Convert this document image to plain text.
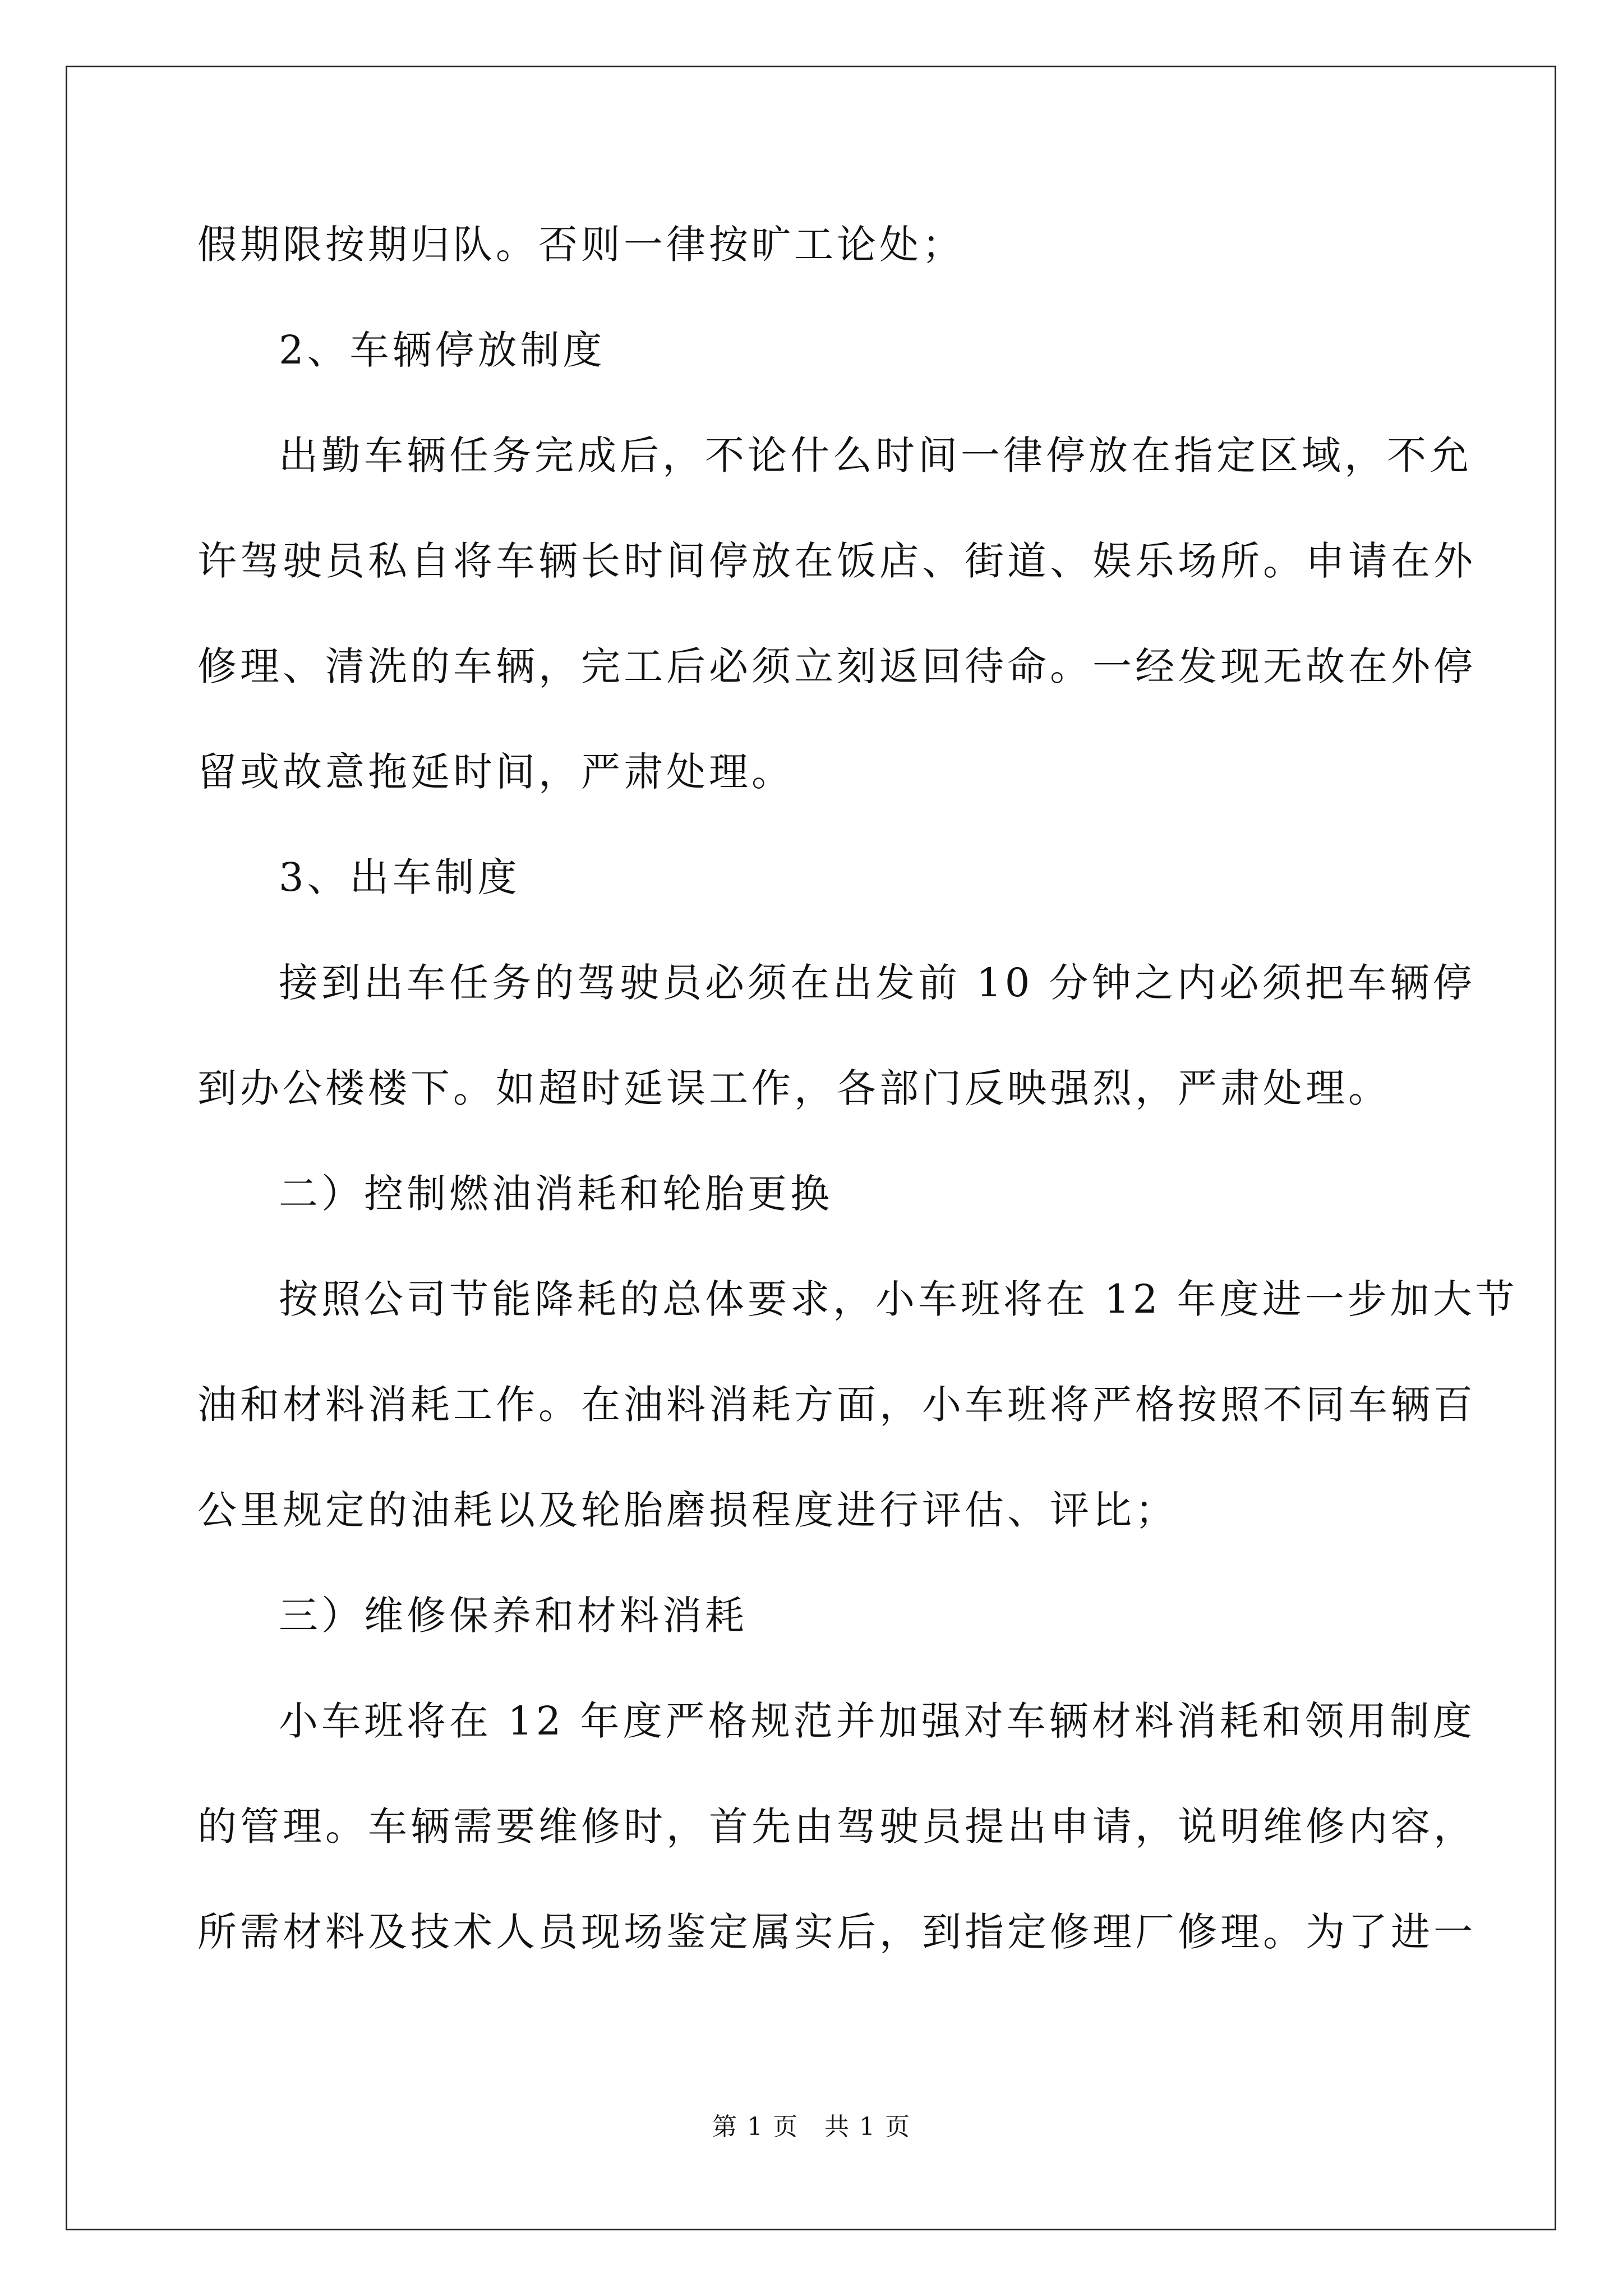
假期限按期归队。否则一律按旷工论处；

2、车辆停放制度

出勤车辆任务完成后，不论什么时间一律停放在指定区域，不允

许驾驶员私自将车辆长时间停放在饭店、街道、娱乐场所。申请在外

修理、清洗的车辆，完工后必须立刻返回待命。一经发现无故在外停

留或故意拖延时间，严肃处理。

3、出车制度

接到出车任务的驾驶员必须在出发前 10 分钟之内必须把车辆停

到办公楼楼下。如超时延误工作，各部门反映强烈，严肃处理。

二）控制燃油消耗和轮胎更换

按照公司节能降耗的总体要求，小车班将在 12 年度进一步加大节

油和材料消耗工作。在油料消耗方面，小车班将严格按照不同车辆百

公里规定的油耗以及轮胎磨损程度进行评估、评比；

三）维修保养和材料消耗

小车班将在 12 年度严格规范并加强对车辆材料消耗和领用制度

的管理。车辆需要维修时，首先由驾驶员提出申请，说明维修内容，

所需材料及技术人员现场鉴定属实后，到指定修理厂修理。为了进一

第 1 页　共 1 页
